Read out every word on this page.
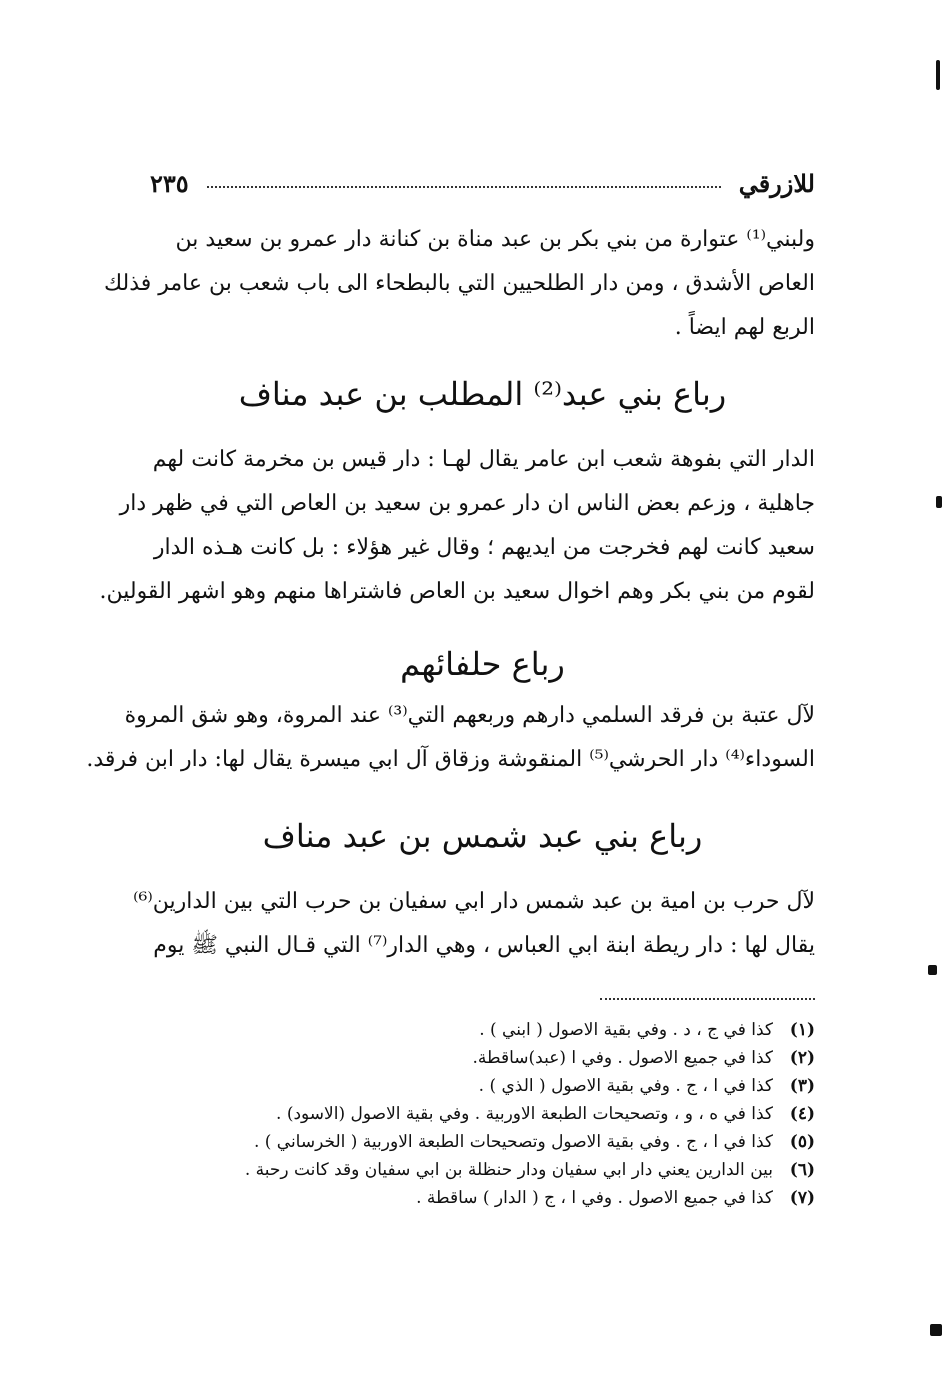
للازرقي
٢٣٥
ولبني⁽¹⁾ عتوارة من بني بكر بن عبد مناة بن كنانة دار عمرو بن سعيد بن
العاص الأشدق ، ومن دار الطلحيين التي بالبطحاء الى باب شعب بن عامر فذلك
الربع لهم ايضاً .
رباع بني عبد⁽²⁾ المطلب بن عبد مناف
الدار التي بفوهة شعب ابن عامر يقال لهـا : دار قيس بن مخرمة كانت لهم
جاهلية ، وزعم بعض الناس ان دار عمرو بن سعيد بن العاص التي في ظهر دار
سعيد كانت لهم فخرجت من ايديهم ؛ وقال غير هؤلاء : بل كانت هـذه الدار
لقوم من بني بكر وهم اخوال سعيد بن العاص فاشتراها منهم وهو اشهر القولين.
رباع حلفائهم
لآل عتبة بن فرقد السلمي دارهم وربعهم التي⁽³⁾ عند المروة، وهو شق المروة
السوداء⁽⁴⁾ دار الحرشي⁽⁵⁾ المنقوشة وزقاق آل ابي ميسرة يقال لها: دار ابن فرقد.
رباع بني عبد شمس بن عبد مناف
لآل حرب بن امية بن عبد شمس دار ابي سفيان بن حرب التي بين الدارين⁽⁶⁾
يقال لها : دار ريطة ابنة ابي العباس ، وهي الدار⁽⁷⁾ التي قـال النبي ﷺ يوم
(١)
كذا في ج ، د . وفي بقية الاصول ( ابني ) .
(٢)
كذا في جميع الاصول . وفي ا (عبد)ساقطة.
(٣)
كذا في ا ، ج . وفي بقية الاصول ( الذي ) .
(٤)
كذا في ه ، و ، وتصحيحات الطبعة الاوربية . وفي بقية الاصول (الاسود) .
(٥)
كذا في ا ، ج . وفي بقية الاصول وتصحيحات الطبعة الاوربية ( الخرساني ) .
(٦)
بين الدارين يعني دار ابي سفيان ودار حنظلة بن ابي سفيان وقد كانت رحبة .
(٧)
كذا في جميع الاصول . وفي ا ، ج ( الدار ) ساقطة .
